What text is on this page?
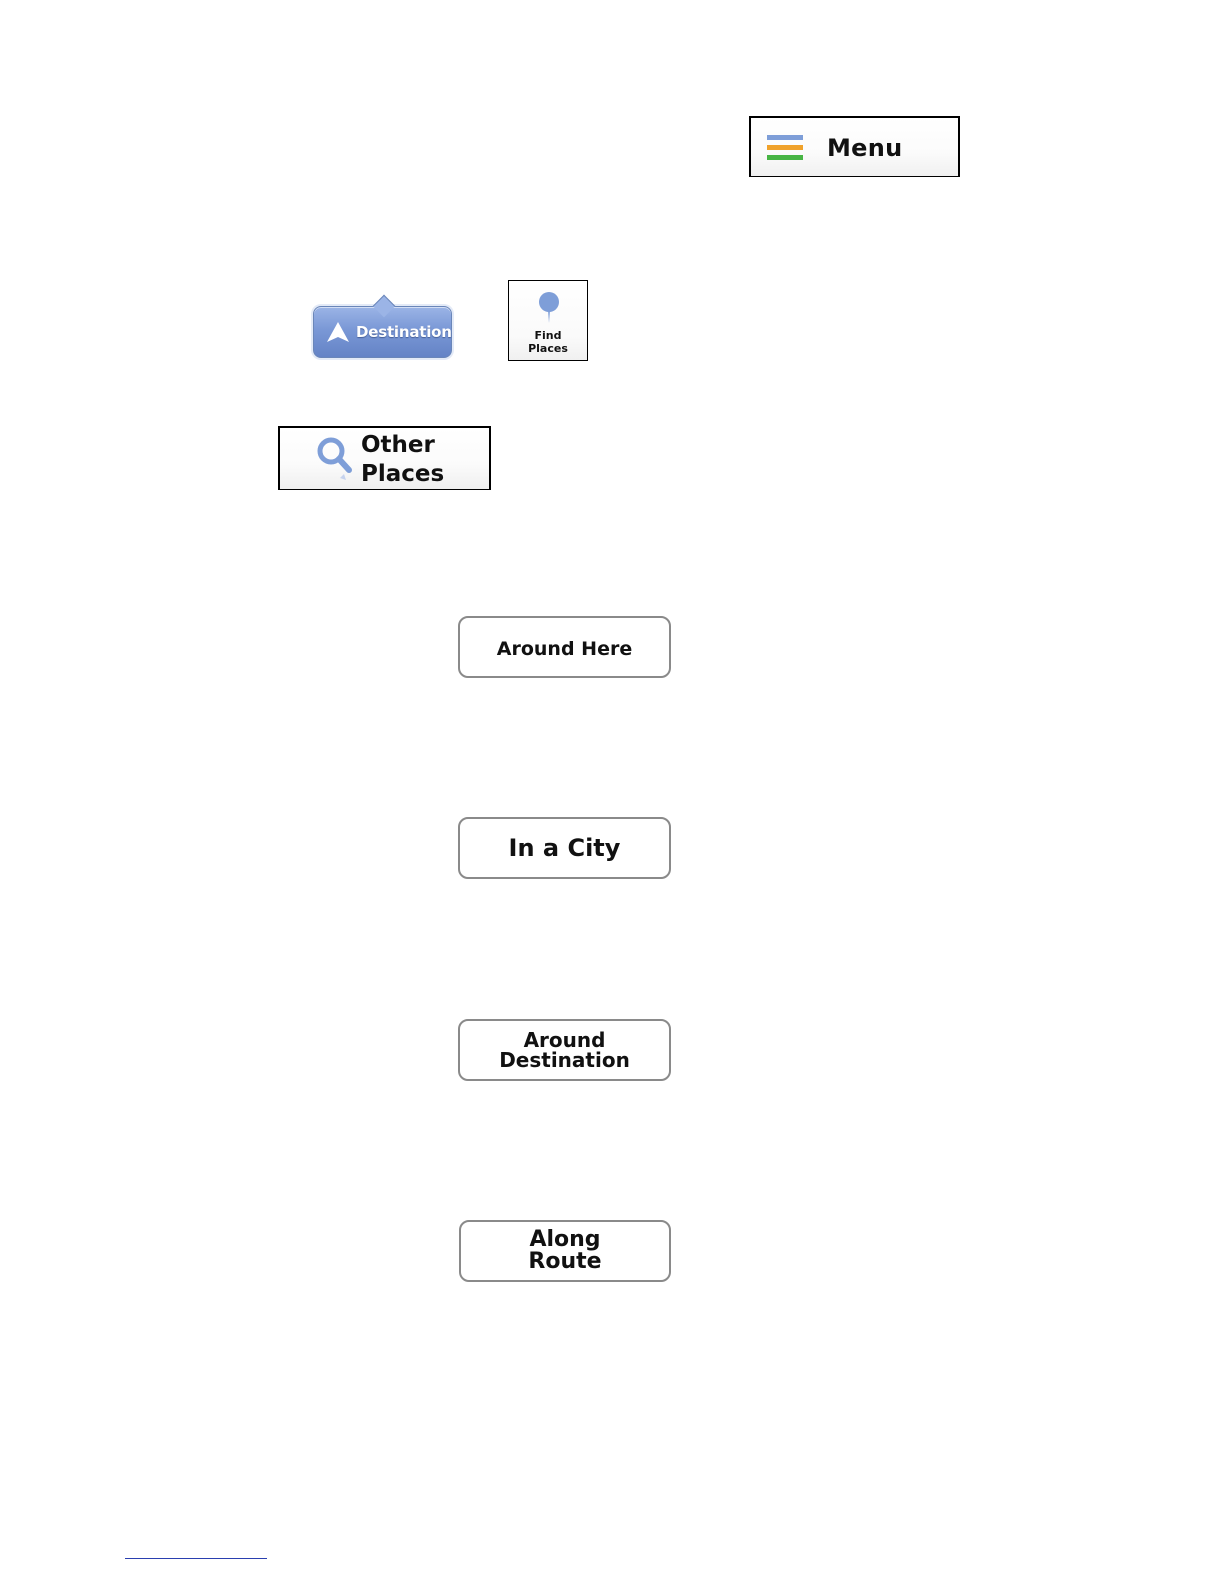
Menu
Destination	Find
Places
Other
Places
Around Here
In a City
Around
Destination
Along
Route
